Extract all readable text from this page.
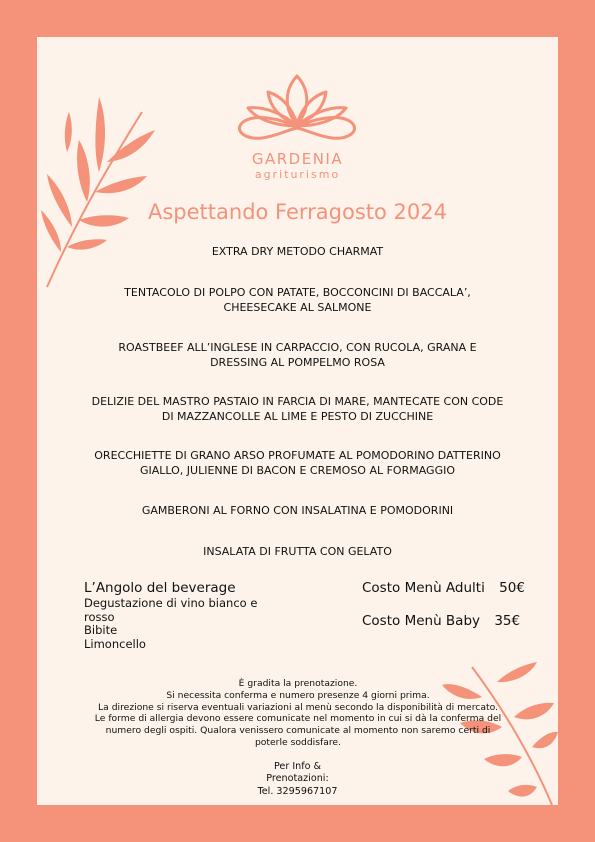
GARDENIA
agriturismo
Aspettando Ferragosto 2024
EXTRA DRY METODO CHARMAT
TENTACOLO DI POLPO CON PATATE, BOCCONCINI DI BACCALA’, CHEESECAKE AL SALMONE
ROASTBEEF ALL’INGLESE IN CARPACCIO, CON RUCOLA, GRANA E DRESSING AL POMPELMO ROSA
DELIZIE DEL MASTRO PASTAIO IN FARCIA DI MARE, MANTECATE CON CODE DI MAZZANCOLLE AL LIME E PESTO DI ZUCCHINE
ORECCHIETTE DI GRANO ARSO PROFUMATE AL POMODORINO DATTERINO GIALLO, JULIENNE DI BACON E CREMOSO AL FORMAGGIO
GAMBERONI AL FORNO CON INSALATINA E POMODORINI
INSALATA DI FRUTTA CON GELATO
L’Angolo del beverage
Degustazione di vino bianco e rosso
Bibite
Limoncello
Costo Menù Adulti 50€
Costo Menù Baby 35€
È gradita la prenotazione.
Si necessita conferma e numero presenze 4 giorni prima.
La direzione si riserva eventuali variazioni al menù secondo la disponibilità di mercato.
Le forme di allergia devono essere comunicate nel momento in cui si dà la conferma del numero degli ospiti. Qualora venissero comunicate al momento non saremo certi di poterle soddisfare.
Per Info &
Prenotazioni:
Tel. 3295967107
